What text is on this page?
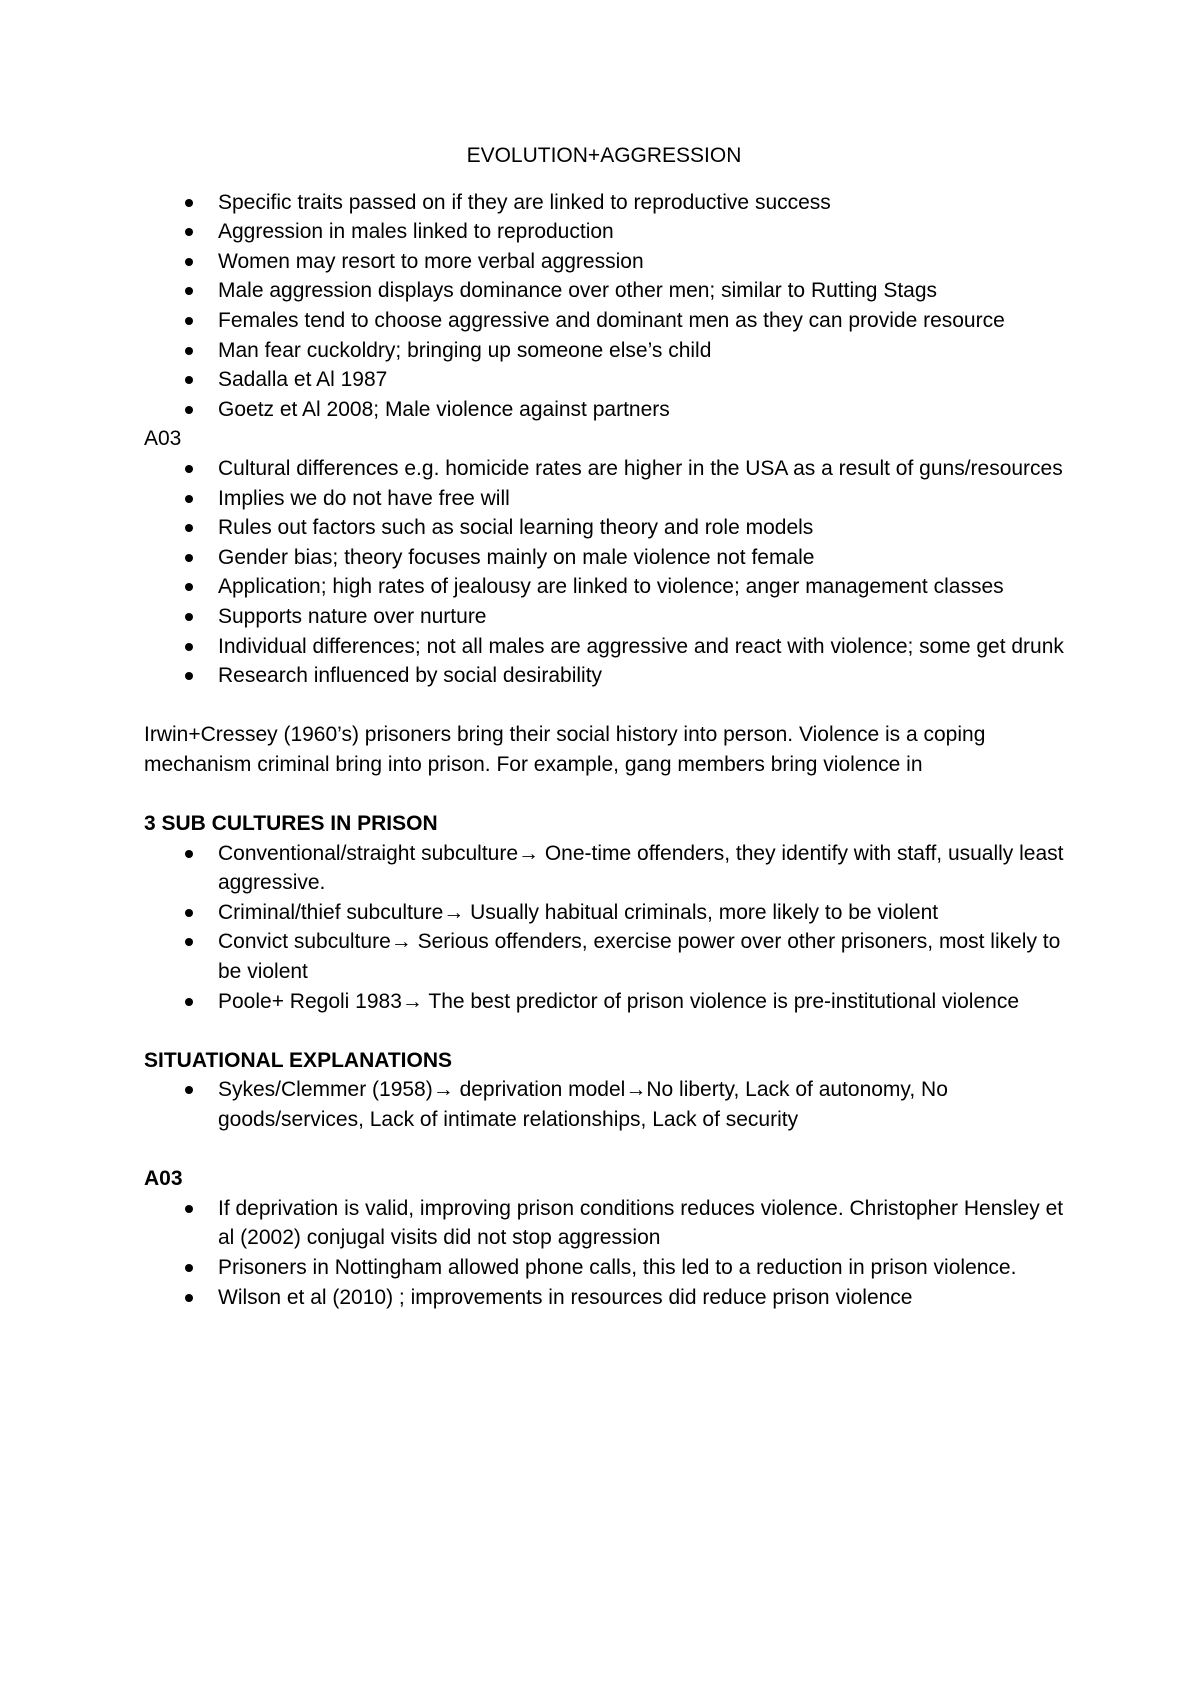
EVOLUTION+AGGRESSION
Specific traits passed on if they are linked to reproductive success
Aggression in males linked to reproduction
Women may resort to more verbal aggression
Male aggression displays dominance over other men; similar to Rutting Stags
Females tend to choose aggressive and dominant men as they can provide resource
Man fear cuckoldry; bringing up someone else’s child
Sadalla et Al 1987
Goetz et Al 2008; Male violence against partners
A03
Cultural differences e.g. homicide rates are higher in the USA as a result of guns/resources
Implies we do not have free will
Rules out factors such as social learning theory and role models
Gender bias; theory focuses mainly on male violence not female
Application; high rates of jealousy are linked to violence; anger management classes
Supports nature over nurture
Individual differences; not all males are aggressive and react with violence; some get drunk
Research influenced by social desirability

Irwin+Cressey (1960’s) prisoners bring their social history into person. Violence is a coping mechanism criminal bring into prison. For example, gang members bring violence in

3 SUB CULTURES IN PRISON
Conventional/straight subculture→ One-time offenders, they identify with staff, usually least aggressive.
Criminal/thief subculture→ Usually habitual criminals, more likely to be violent
Convict subculture→ Serious offenders, exercise power over other prisoners, most likely to be violent
Poole+ Regoli 1983→ The best predictor of prison violence is pre-institutional violence
SITUATIONAL EXPLANATIONS
Sykes/Clemmer (1958)→ deprivation model→No liberty, Lack of autonomy, No goods/services, Lack of intimate relationships, Lack of security
A03
If deprivation is valid, improving prison conditions reduces violence. Christopher Hensley et al (2002) conjugal visits did not stop aggression
Prisoners in Nottingham allowed phone calls, this led to a reduction in prison violence.
Wilson et al (2010) ; improvements in resources did reduce prison violence
